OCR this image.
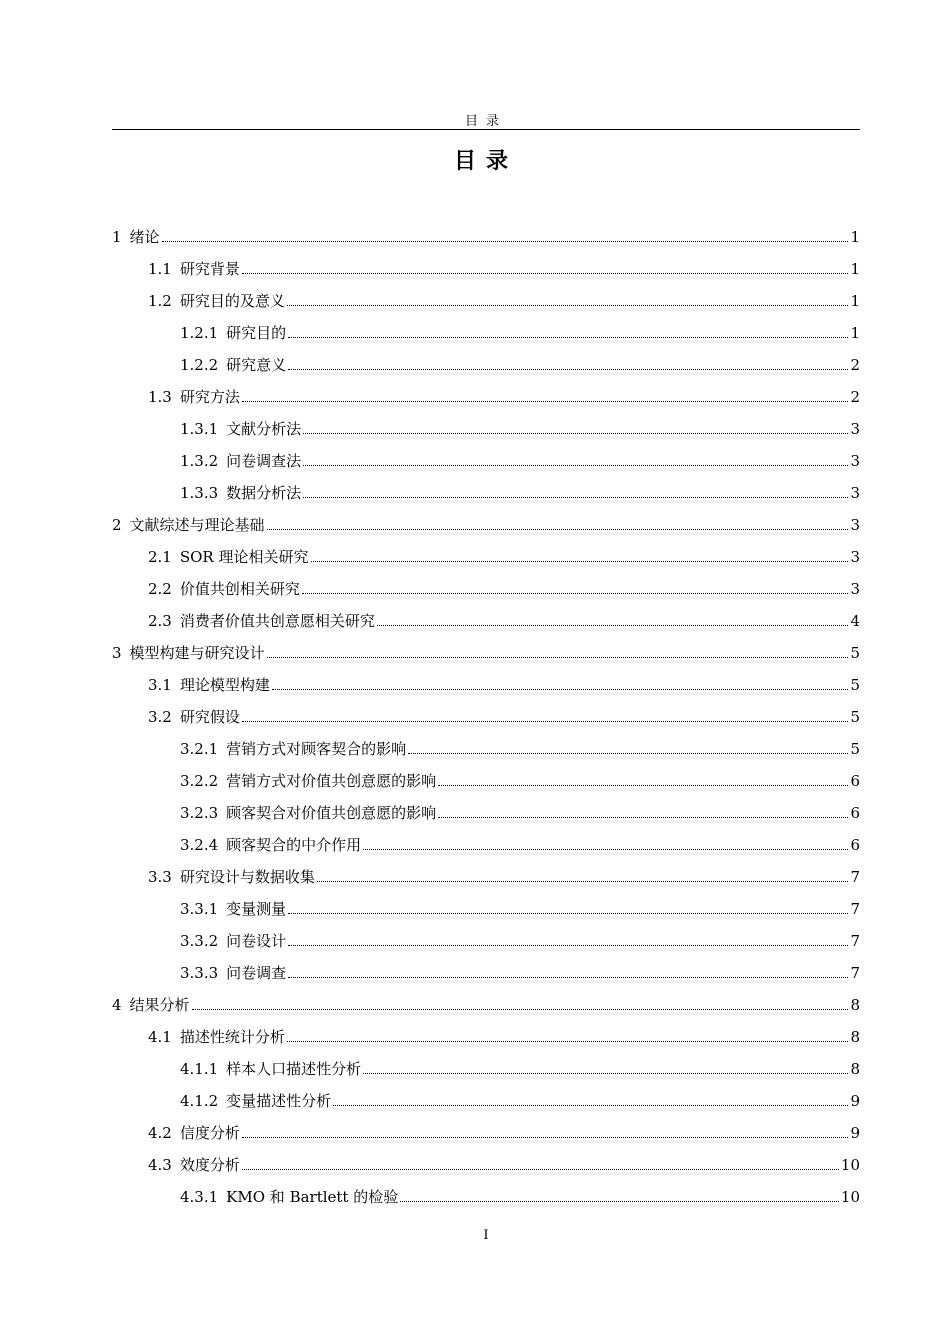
目录
目录
1 绪论	1
1.1 研究背景	1
1.2 研究目的及意义	1
1.2.1 研究目的	1
1.2.2 研究意义	2
1.3 研究方法	2
1.3.1 文献分析法	3
1.3.2 问卷调查法	3
1.3.3 数据分析法	3
2 文献综述与理论基础	3
2.1 SOR 理论相关研究	3
2.2 价值共创相关研究	3
2.3 消费者价值共创意愿相关研究	4
3 模型构建与研究设计	5
3.1 理论模型构建	5
3.2 研究假设	5
3.2.1 营销方式对顾客契合的影响	5
3.2.2 营销方式对价值共创意愿的影响	6
3.2.3 顾客契合对价值共创意愿的影响	6
3.2.4 顾客契合的中介作用	6
3.3 研究设计与数据收集	7
3.3.1 变量测量	7
3.3.2 问卷设计	7
3.3.3 问卷调查	7
4 结果分析	8
4.1 描述性统计分析	8
4.1.1 样本人口描述性分析	8
4.1.2 变量描述性分析	9
4.2 信度分析	9
4.3 效度分析	10
4.3.1 KMO 和 Bartlett 的检验	10
I
